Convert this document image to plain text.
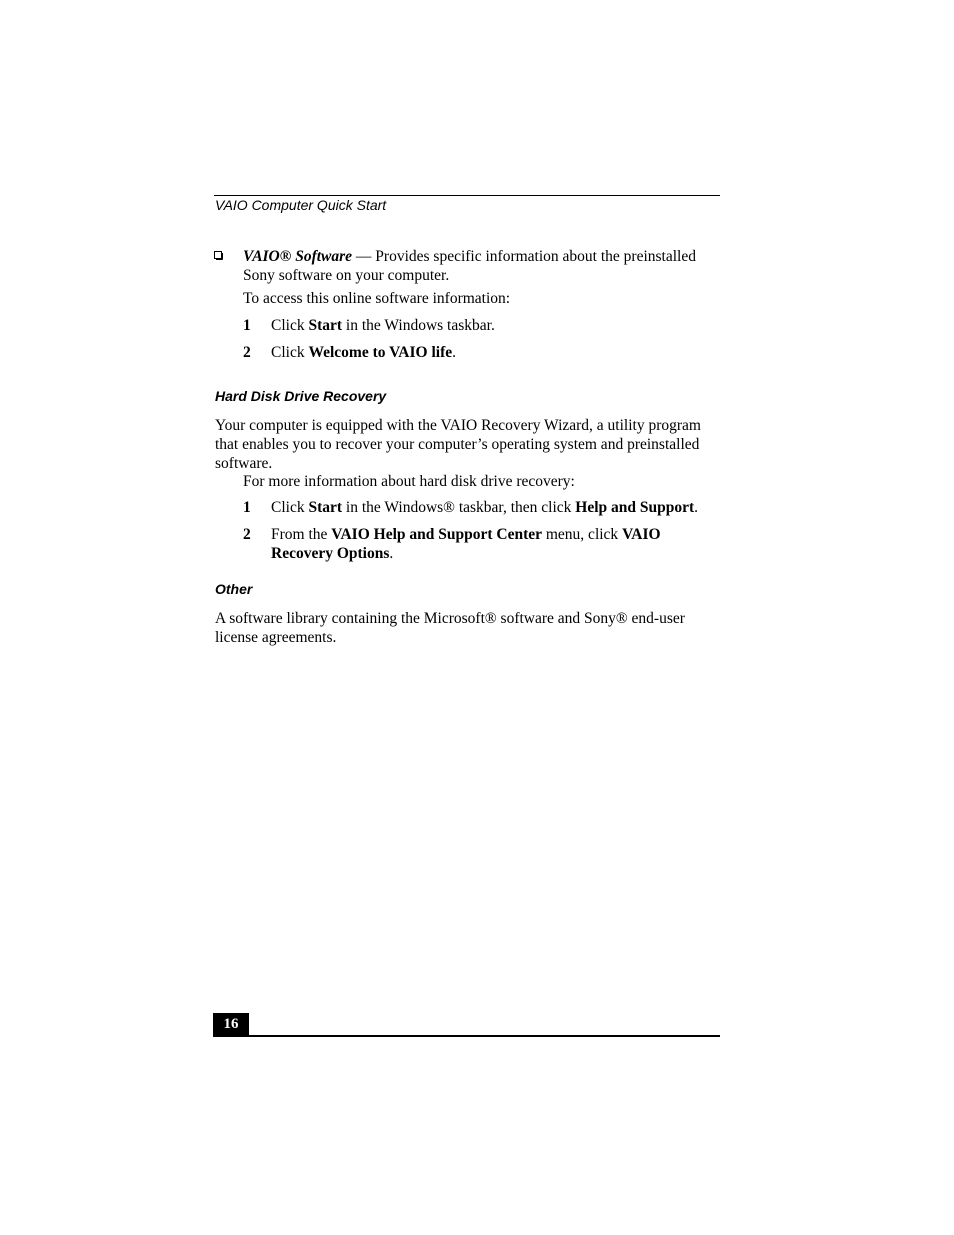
VAIO Computer Quick Start
VAIO® Software — Provides specific information about the preinstalled
Sony software on your computer.
To access this online software information:
1 Click Start in the Windows taskbar.
2 Click Welcome to VAIO life.
Hard Disk Drive Recovery
Your computer is equipped with the VAIO Recovery Wizard, a utility program
that enables you to recover your computer’s operating system and preinstalled
software.
For more information about hard disk drive recovery:
1 Click Start in the Windows® taskbar, then click Help and Support.
2 From the VAIO Help and Support Center menu, click VAIO
Recovery Options.
Other
A software library containing the Microsoft® software and Sony® end-user
license agreements.
16
